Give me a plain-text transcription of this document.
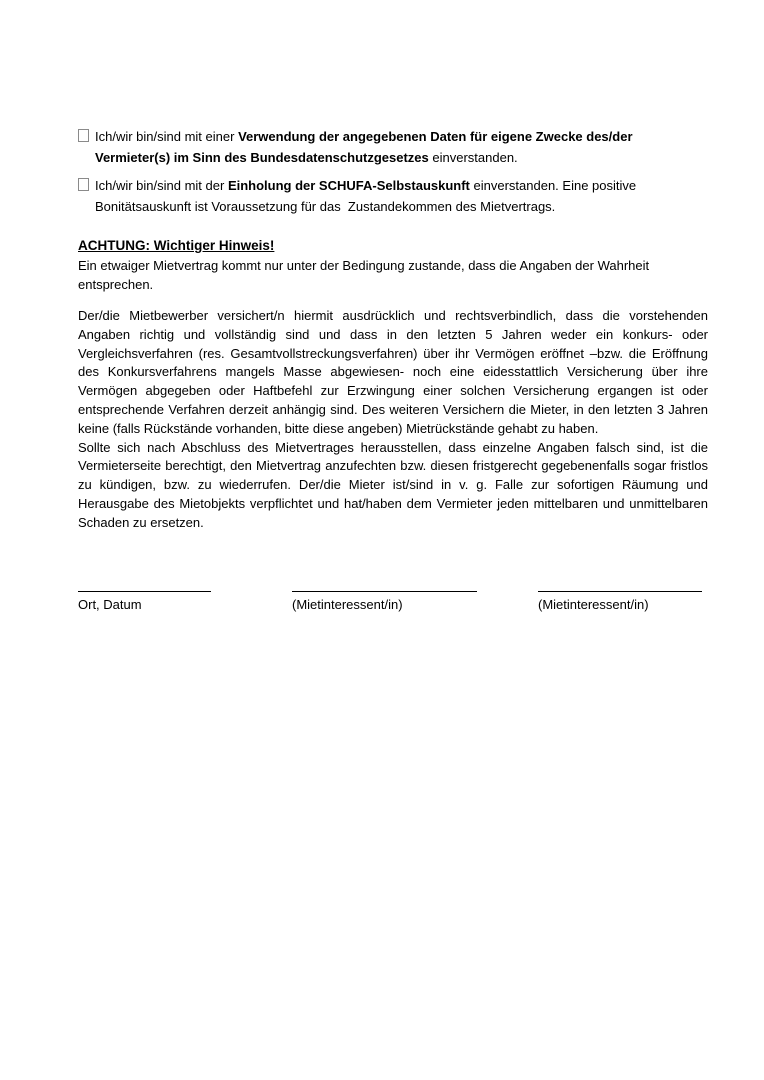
Ich/wir bin/sind mit einer Verwendung der angegebenen Daten für eigene Zwecke des/der Vermieter(s) im Sinn des Bundesdatenschutzgesetzes einverstanden.
Ich/wir bin/sind mit der Einholung der SCHUFA-Selbstauskunft einverstanden. Eine positive Bonitätsauskunft ist Voraussetzung für das  Zustandekommen des Mietvertrags.
ACHTUNG: Wichtiger Hinweis!

Ein etwaiger Mietvertrag kommt nur unter der Bedingung zustande, dass die Angaben der Wahrheit entsprechen.

Der/die Mietbewerber versichert/n hiermit ausdrücklich und rechtsverbindlich, dass die vorstehenden Angaben richtig und vollständig sind und dass in den letzten 5 Jahren weder ein konkurs- oder Vergleichsverfahren (res. Gesamtvollstreckungsverfahren) über ihr Vermögen eröffnet –bzw. die Eröffnung des Konkursverfahrens mangels Masse abgewiesen- noch eine eidesstattlich Versicherung über ihre Vermögen abgegeben oder Haftbefehl zur Erzwingung einer solchen Versicherung ergangen ist oder entsprechende Verfahren derzeit anhängig sind. Des weiteren Versichern die Mieter, in den letzten 3 Jahren keine (falls Rückstände vorhanden, bitte diese angeben) Mietrückstände gehabt zu haben.

Sollte sich nach Abschluss des Mietvertrages herausstellen, dass einzelne Angaben falsch sind, ist die Vermieterseite berechtigt, den Mietvertrag anzufechten bzw. diesen fristgerecht gegebenenfalls sogar fristlos zu kündigen, bzw. zu wiederrufen. Der/die Mieter ist/sind in v. g. Falle zur sofortigen Räumung und Herausgabe des Mietobjekts verpflichtet und hat/haben dem Vermieter jeden mittelbaren und unmittelbaren Schaden zu ersetzen.

Ort, Datum	(Mietinteressent/in)	(Mietinteressent/in)
